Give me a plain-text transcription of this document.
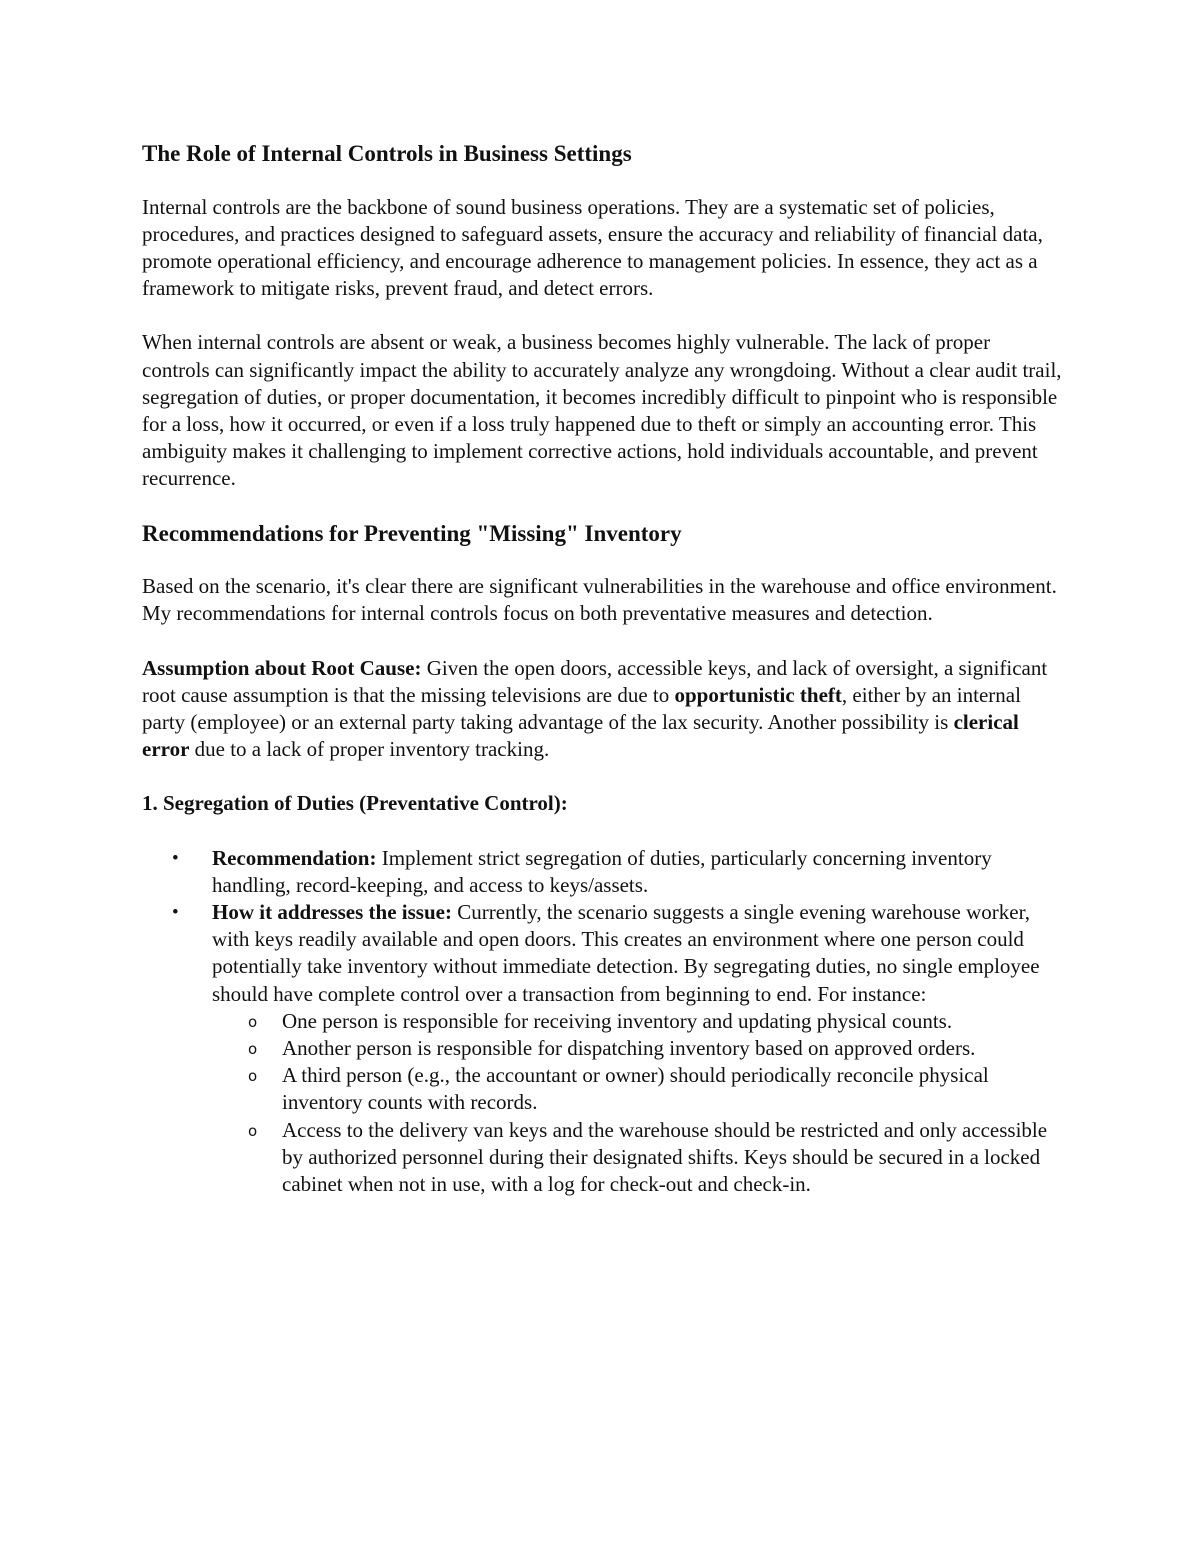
The Role of Internal Controls in Business Settings

Internal controls are the backbone of sound business operations. They are a systematic set of policies, procedures, and practices designed to safeguard assets, ensure the accuracy and reliability of financial data, promote operational efficiency, and encourage adherence to management policies. In essence, they act as a framework to mitigate risks, prevent fraud, and detect errors.

When internal controls are absent or weak, a business becomes highly vulnerable. The lack of proper controls can significantly impact the ability to accurately analyze any wrongdoing. Without a clear audit trail, segregation of duties, or proper documentation, it becomes incredibly difficult to pinpoint who is responsible for a loss, how it occurred, or even if a loss truly happened due to theft or simply an accounting error. This ambiguity makes it challenging to implement corrective actions, hold individuals accountable, and prevent recurrence.

Recommendations for Preventing "Missing" Inventory

Based on the scenario, it's clear there are significant vulnerabilities in the warehouse and office environment. My recommendations for internal controls focus on both preventative measures and detection.

Assumption about Root Cause: Given the open doors, accessible keys, and lack of oversight, a significant root cause assumption is that the missing televisions are due to opportunistic theft, either by an internal party (employee) or an external party taking advantage of the lax security. Another possibility is clerical error due to a lack of proper inventory tracking.

1. Segregation of Duties (Preventative Control):

• Recommendation: Implement strict segregation of duties, particularly concerning inventory handling, record-keeping, and access to keys/assets.
• How it addresses the issue: Currently, the scenario suggests a single evening warehouse worker, with keys readily available and open doors. This creates an environment where one person could potentially take inventory without immediate detection. By segregating duties, no single employee should have complete control over a transaction from beginning to end. For instance:
o One person is responsible for receiving inventory and updating physical counts.
o Another person is responsible for dispatching inventory based on approved orders.
o A third person (e.g., the accountant or owner) should periodically reconcile physical inventory counts with records.
o Access to the delivery van keys and the warehouse should be restricted and only accessible by authorized personnel during their designated shifts. Keys should be secured in a locked cabinet when not in use, with a log for check-out and check-in.
